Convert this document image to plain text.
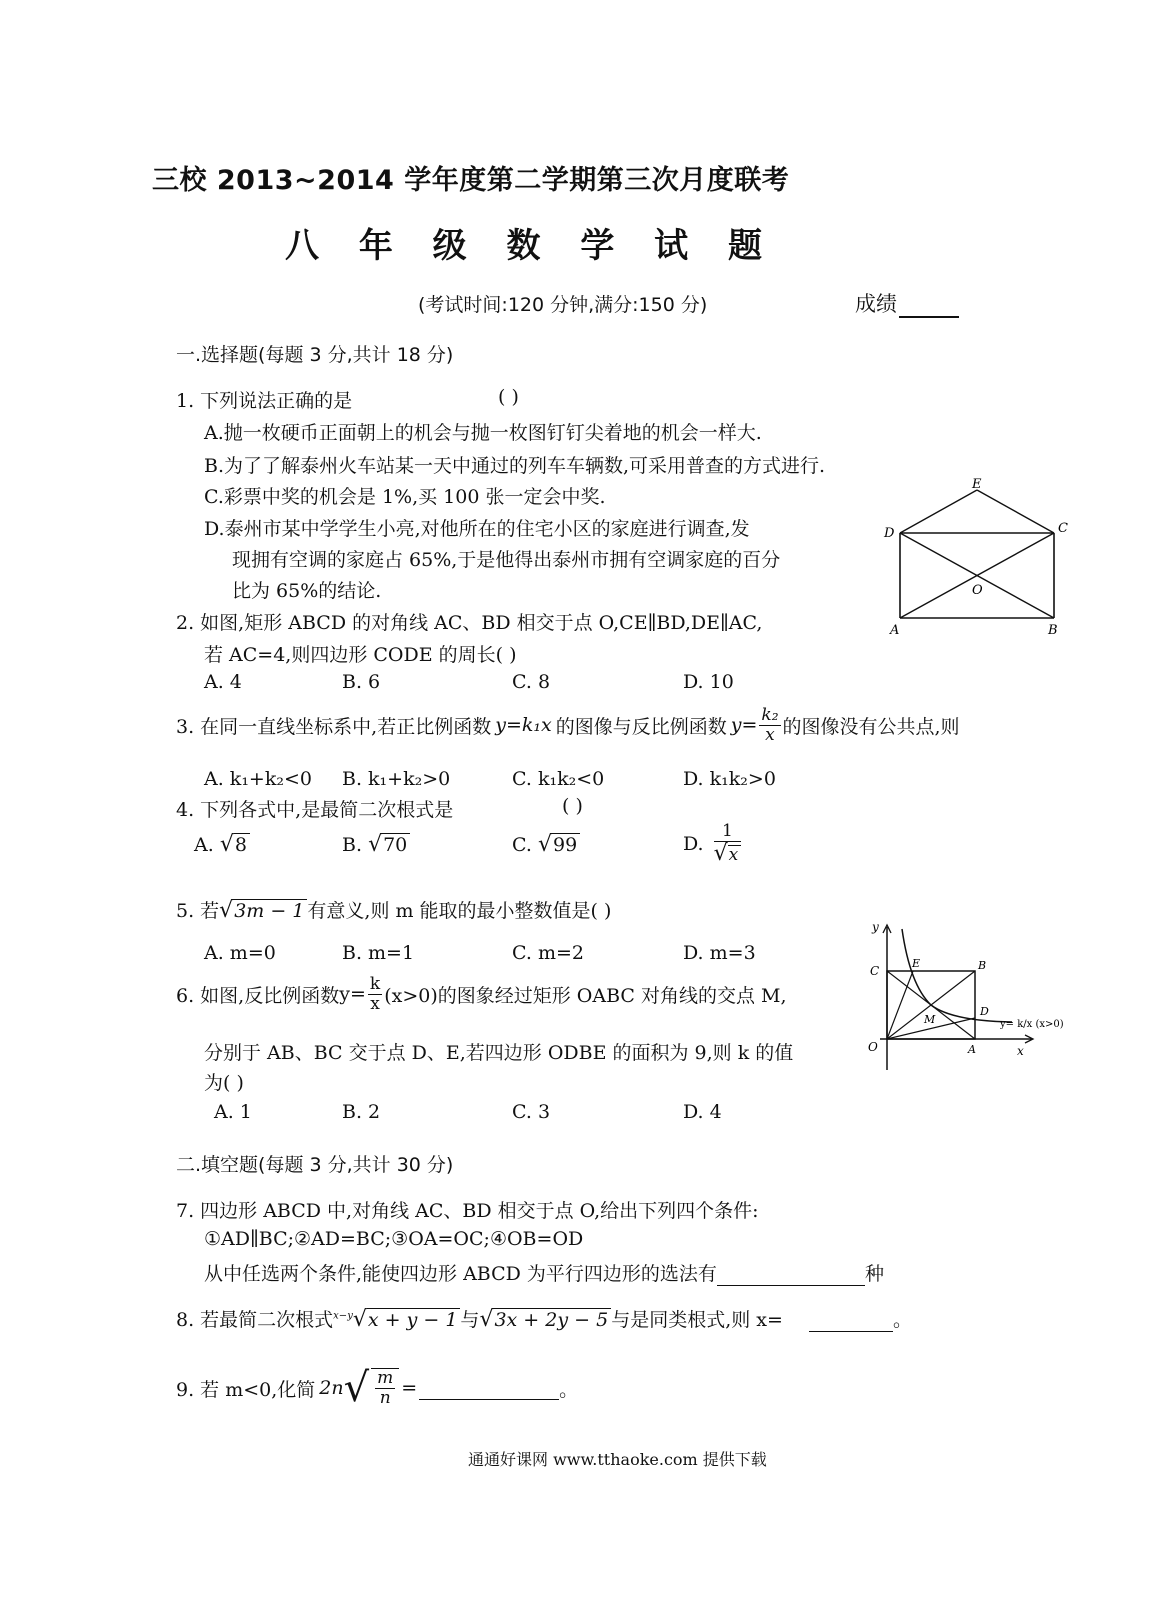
三校 2013~2014 学年度第二学期第三次月度联考
八 年 级 数 学 试 题
(考试时间:120 分钟,满分:150 分)	成绩
一.选择题(每题 3 分,共计 18 分)
1. 下列说法正确的是	( )
A.抛一枚硬币正面朝上的机会与抛一枚图钉钉尖着地的机会一样大.
B.为了了解泰州火车站某一天中通过的列车车辆数,可采用普查的方式进行.
C.彩票中奖的机会是 1%,买 100 张一定会中奖.
D.泰州市某中学学生小亮,对他所在的住宅小区的家庭进行调查,发
现拥有空调的家庭占 65%,于是他得出泰州市拥有空调家庭的百分
比为 65%的结论.
E
D	C
O
A	B
2. 如图,矩形 ABCD 的对角线 AC、BD 相交于点 O,CE∥BD,DE∥AC,
若 AC=4,则四边形 CODE 的周长( )
A. 4	B. 6	C. 8	D. 10
3. 在同一直线坐标系中,若正比例函数 y=k₁x 的图像与反比例函数 $y= \frac{\text{k₂}}{x}$ 的图像没有公共点,则
A. k₁+k₂<0 B. k₁+k₂>0	C. k₁k₂<0	D. k₁k₂>0
4. 下列各式中,是最简二次根式是	( )
A. √8	B. √70	C. √99	D. $\frac{1}{√x}$
5. 若√3m − 1 有意义,则 m 能取的最小整数值是( )
A. m=0	B. m=1	C. m=2	D. m=3
y
x
C
E	B
M
D
O	A
y= k/x (x>0)
6. 如图,反比例函数 $y= \frac{k}{x} (x>0)$的图象经过矩形 OABC 对角线的交点 M,
分别于 AB、BC 交于点 D、E,若四边形 ODBE 的面积为 9,则 k 的值
为( )
A. 1	B. 2	C. 3	D. 4
二.填空题(每题 3 分,共计 30 分)
7. 四边形 ABCD 中,对角线 AC、BD 相交于点 O,给出下列四个条件:
①AD∥BC;②AD=BC;③OA=OC;④OB=OD
从中任选两个条件,能使四边形 ABCD 为平行四边形的选法有	种
8. 若最简二次根式$^{x-y}$√x + y − 1 与√3x + 2y − 5 与是同类根式,则 x=	。
9. 若 m<0,化简 2n √ $\frac{m}{n}$ =
	。
通通好课网 www.tthaoke.com 提供下载
